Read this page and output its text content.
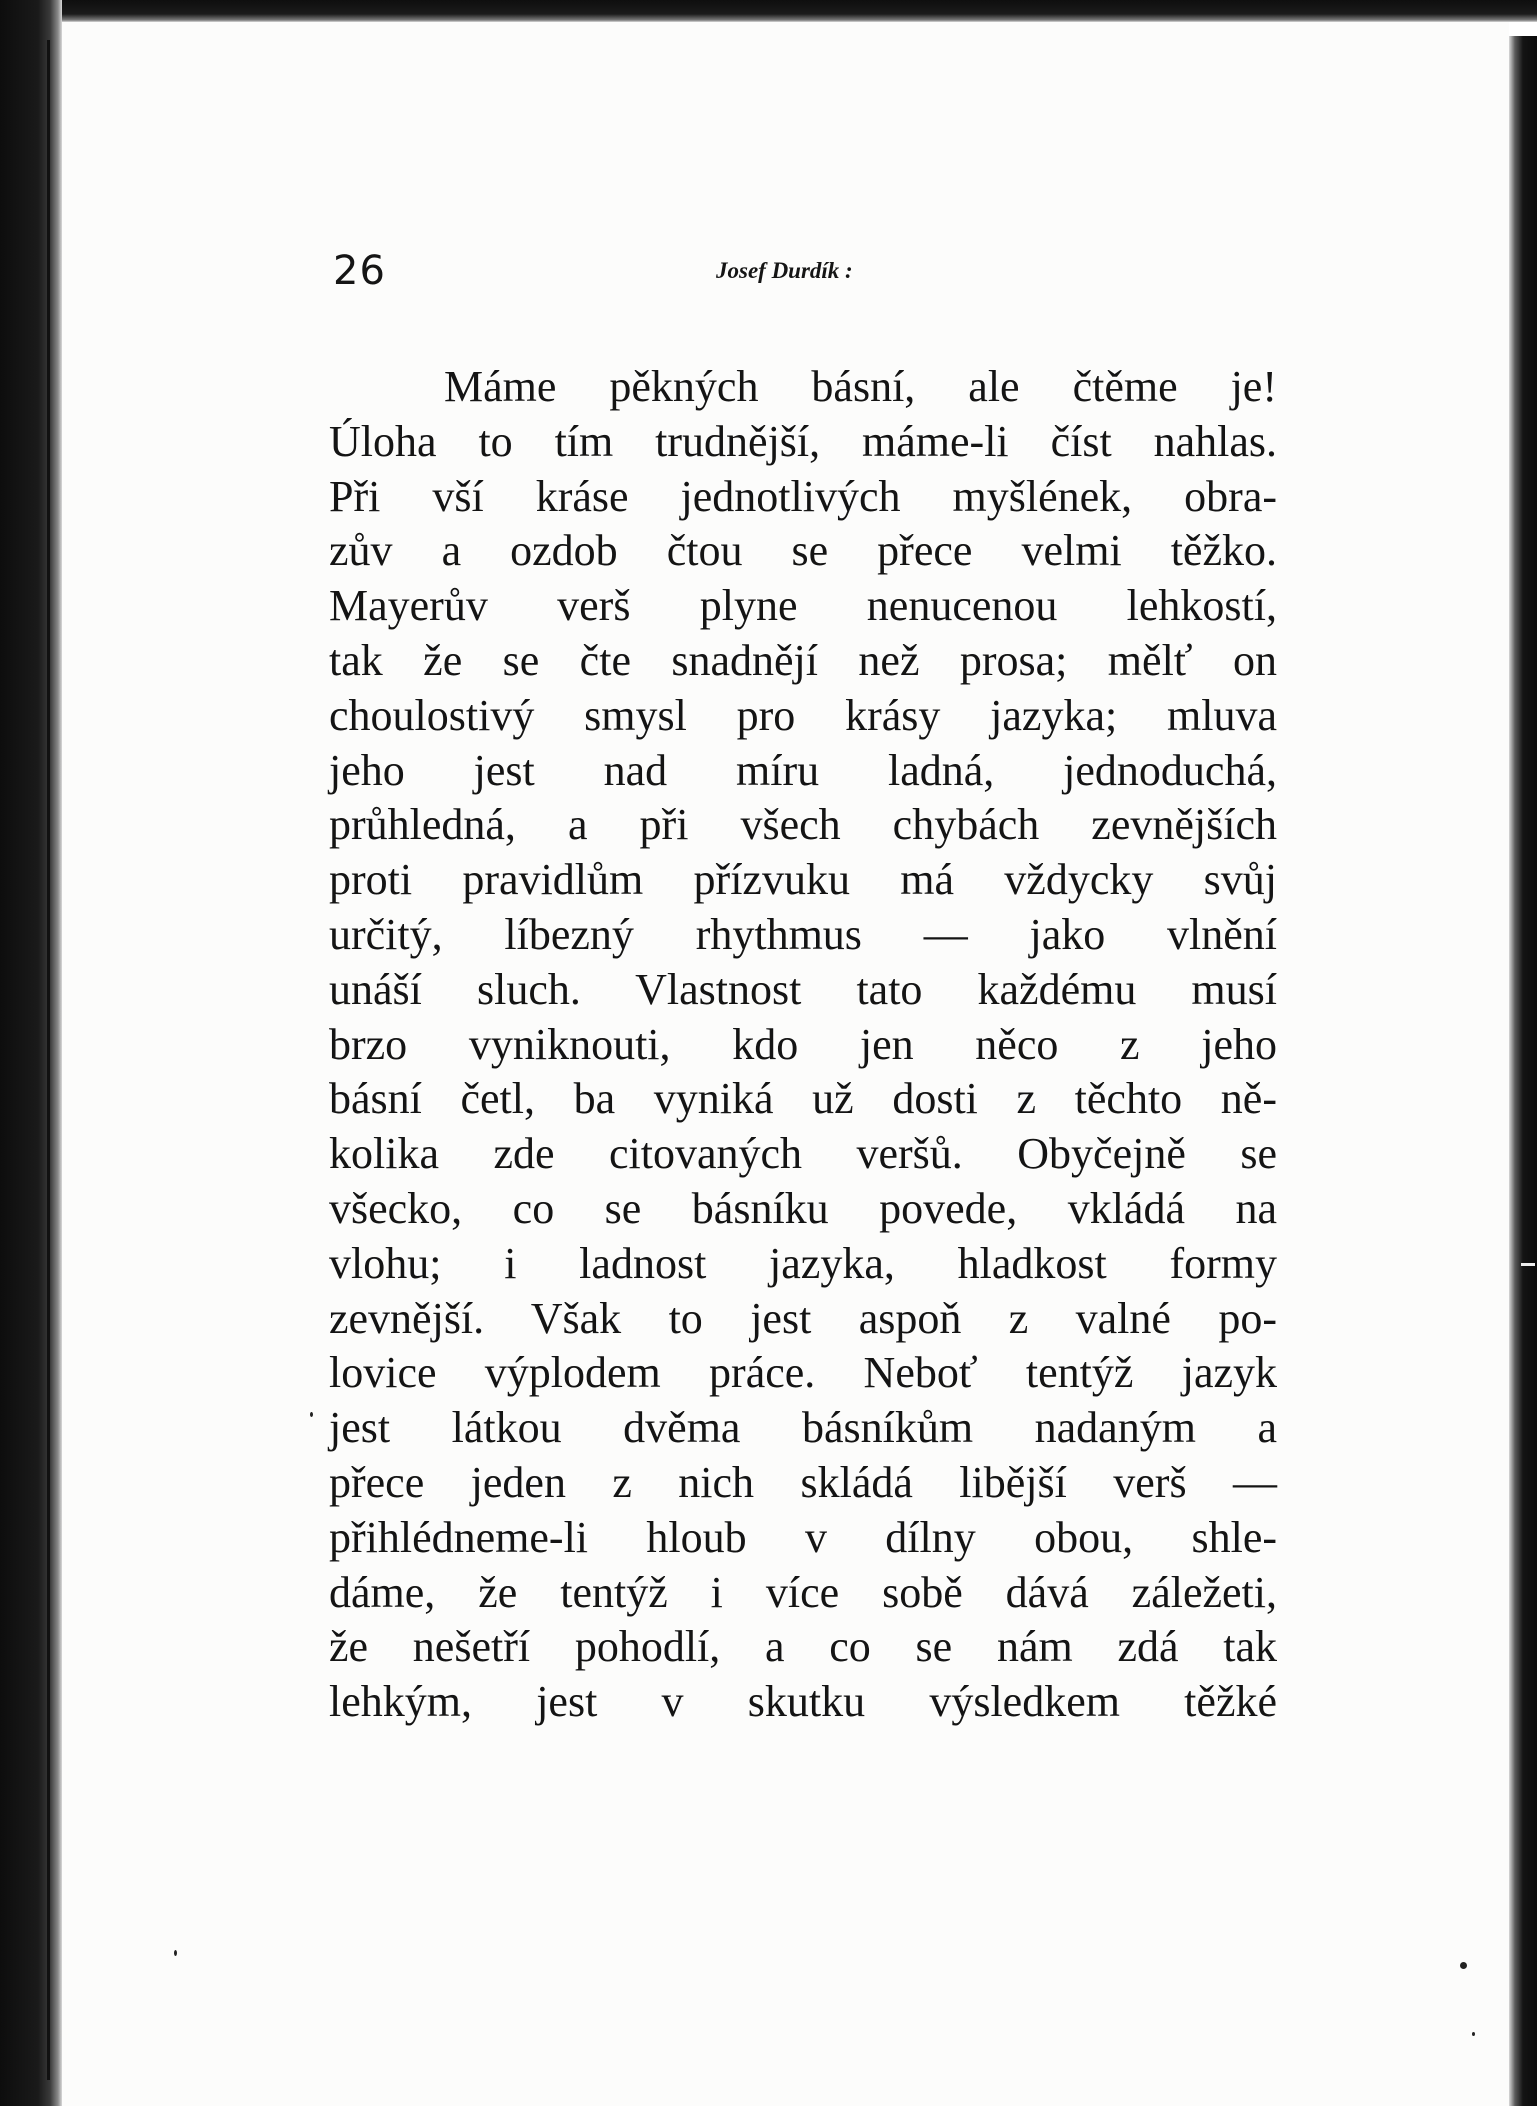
26	Josef Durdík :
Máme pěkných básní, ale čtěme je!
Úloha to tím trudnější, máme-li číst nahlas.
Při vší kráse jednotlivých myšlének, obra-
zův a ozdob čtou se přece velmi těžko.
Mayerův verš plyne nenucenou lehkostí,
tak že se čte snadnějí než prosa; mělť on
choulostivý smysl pro krásy jazyka; mluva
jeho jest nad míru ladná, jednoduchá,
průhledná, a při všech chybách zevnějších
proti pravidlům přízvuku má vždycky svůj
určitý, líbezný rhythmus — jako vlnění
unáší sluch. Vlastnost tato každému musí
brzo vyniknouti, kdo jen něco z jeho
básní četl, ba vyniká už dosti z těchto ně-
kolika zde citovaných veršů. Obyčejně se
všecko, co se básníku povede, vkládá na
vlohu; i ladnost jazyka, hladkost formy
zevnější. Však to jest aspoň z valné po-
lovice výplodem práce. Neboť tentýž jazyk
jest látkou dvěma básníkům nadaným a
přece jeden z nich skládá libější verš —
přihlédneme-li hloub v dílny obou, shle-
dáme, že tentýž i více sobě dává záležeti,
že nešetří pohodlí, a co se nám zdá tak
lehkým, jest v skutku výsledkem těžké
